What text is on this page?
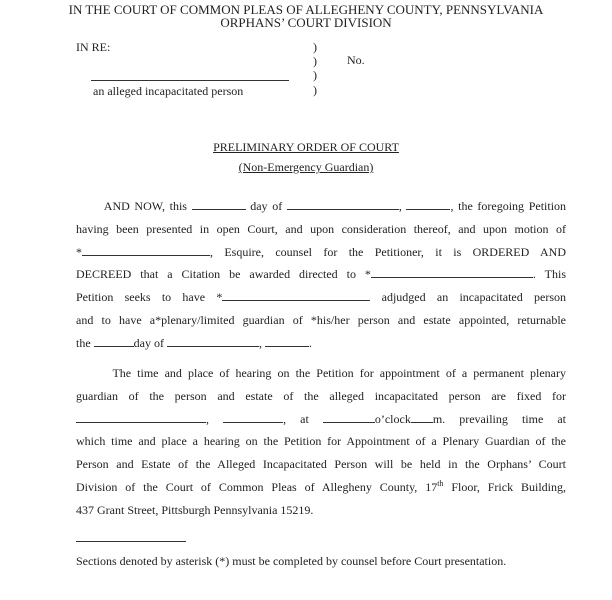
IN THE COURT OF COMMON PLEAS OF ALLEGHENY COUNTY, PENNSYLVANIA
ORPHANS’ COURT DIVISION
IN RE:	)
)
)
)
No.
an alleged incapacitated person
PRELIMINARY ORDER OF COURT
(Non-Emergency Guardian)
AND NOW, this	day of	,	, the foregoing Petition
having been presented in open Court, and upon consideration thereof, and upon motion of
*	, Esquire, counsel for the Petitioner, it is ORDERED AND
DECREED that a Citation be awarded directed to *	. This
Petition seeks to have *	adjudged an incapacitated person
and to have a*plenary/limited guardian of *his/her person and estate appointed, returnable
the	day of	,	.
The time and place of hearing on the Petition for appointment of a permanent plenary
guardian of the person and estate of the alleged incapacitated person are fixed for
,	, at	o’clock m. prevailing time at
which time and place a hearing on the Petition for Appointment of a Plenary Guardian of the
Person and Estate of the Alleged Incapacitated Person will be held in the Orphans’ Court
Division of the Court of Common Pleas of Allegheny County, 17th Floor, Frick Building,
437 Grant Street, Pittsburgh Pennsylvania 15219.
Sections denoted by asterisk (*) must be completed by counsel before Court presentation.
